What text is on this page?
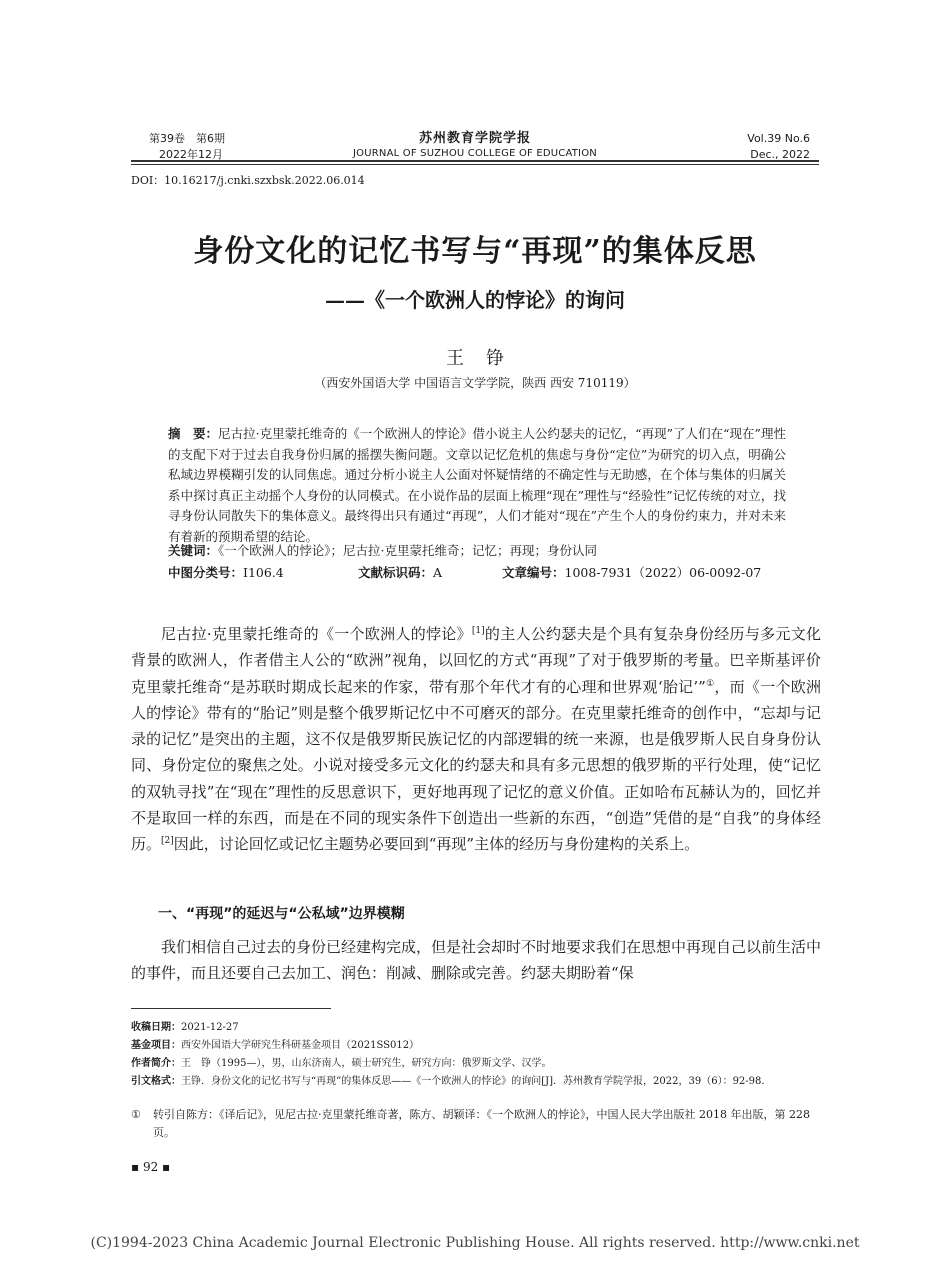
第39卷　 第6期
2022年12月
苏州教育学院学报
JOURNAL OF SUZHOU COLLEGE OF EDUCATION
Vol.39 No.6
Dec., 2022
DOI：10.16217/j.cnki.szxbsk.2022.06.014
身份文化的记忆书写与“再现”的集体反思
——《一个欧洲人的悖论》的询问
王铮
（西安外国语大学 中国语言文学学院，陕西 西安 710119）
摘　要：尼古拉·克里蒙托维奇的《一个欧洲人的悖论》借小说主人公约瑟夫的记忆，“再现”了人们在“现在”理性的支配下对于过去自我身份归属的摇摆失衡问题。文章以记忆危机的焦虑与身份“定位”为研究的切入点，明确公私域边界模糊引发的认同焦虑。通过分析小说主人公面对怀疑情绪的不确定性与无助感，在个体与集体的归属关系中探讨真正主动摇个人身份的认同模式。在小说作品的层面上梳理“现在”理性与“经验性”记忆传统的对立，找寻身份认同散失下的集体意义。最终得出只有通过“再现”，人们才能对“现在”产生个人的身份约束力，并对未来有着新的预期希望的结论。
关键词：《一个欧洲人的悖论》；尼古拉·克里蒙托维奇；记忆；再现；身份认同
中图分类号：I106.4	文献标识码：A	文章编号：1008-7931（2022）06-0092-07
尼古拉·克里蒙托维奇的《一个欧洲人的悖论》[1]的主人公约瑟夫是个具有复杂身份经历与多元文化背景的欧洲人，作者借主人公的“欧洲”视角，以回忆的方式“再现”了对于俄罗斯的考量。巴辛斯基评价克里蒙托维奇“是苏联时期成长起来的作家，带有那个年代才有的心理和世界观‘胎记’”①，而《一个欧洲人的悖论》带有的“胎记”则是整个俄罗斯记忆中不可磨灭的部分。在克里蒙托维奇的创作中，“忘却与记录的记忆”是突出的主题，这不仅是俄罗斯民族记忆的内部逻辑的统一来源，也是俄罗斯人民自身身份认同、身份定位的聚焦之处。小说对接受多元文化的约瑟夫和具有多元思想的俄罗斯的平行处理，使“记忆的双轨寻找”在“现在”理性的反思意识下，更好地再现了记忆的意义价值。正如哈布瓦赫认为的，回忆并不是取回一样的东西，而是在不同的现实条件下创造出一些新的东西，“创造”凭借的是“自我”的身体经历。[2]因此，讨论回忆或记忆主题势必要回到“再现”主体的经历与身份建构的关系上。
一、“再现”的延迟与“公私域”边界模糊
我们相信自己过去的身份已经建构完成，但是社会却时不时地要求我们在思想中再现自己以前生活中的事件，而且还要自己去加工、润色：削减、删除或完善。约瑟夫期盼着“保
收稿日期：2021-12-27
基金项目：西安外国语大学研究生科研基金项目（2021SS012）
作者简介：王　铮（1995—），男，山东济南人，硕士研究生，研究方向：俄罗斯文学、汉学。
引文格式：王铮．身份文化的记忆书写与“再现”的集体反思——《一个欧洲人的悖论》的询问[J]．苏州教育学院学报，2022，39（6）：92-98．
① 转引自陈方：《译后记》，见尼古拉·克里蒙托维奇著，陈方、胡颖译：《一个欧洲人的悖论》，中国人民大学出版社 2018 年出版，第 228 页。
▪ 92 ▪
(C)1994-2023 China Academic Journal Electronic Publishing House. All rights reserved. http://www.cnki.net
